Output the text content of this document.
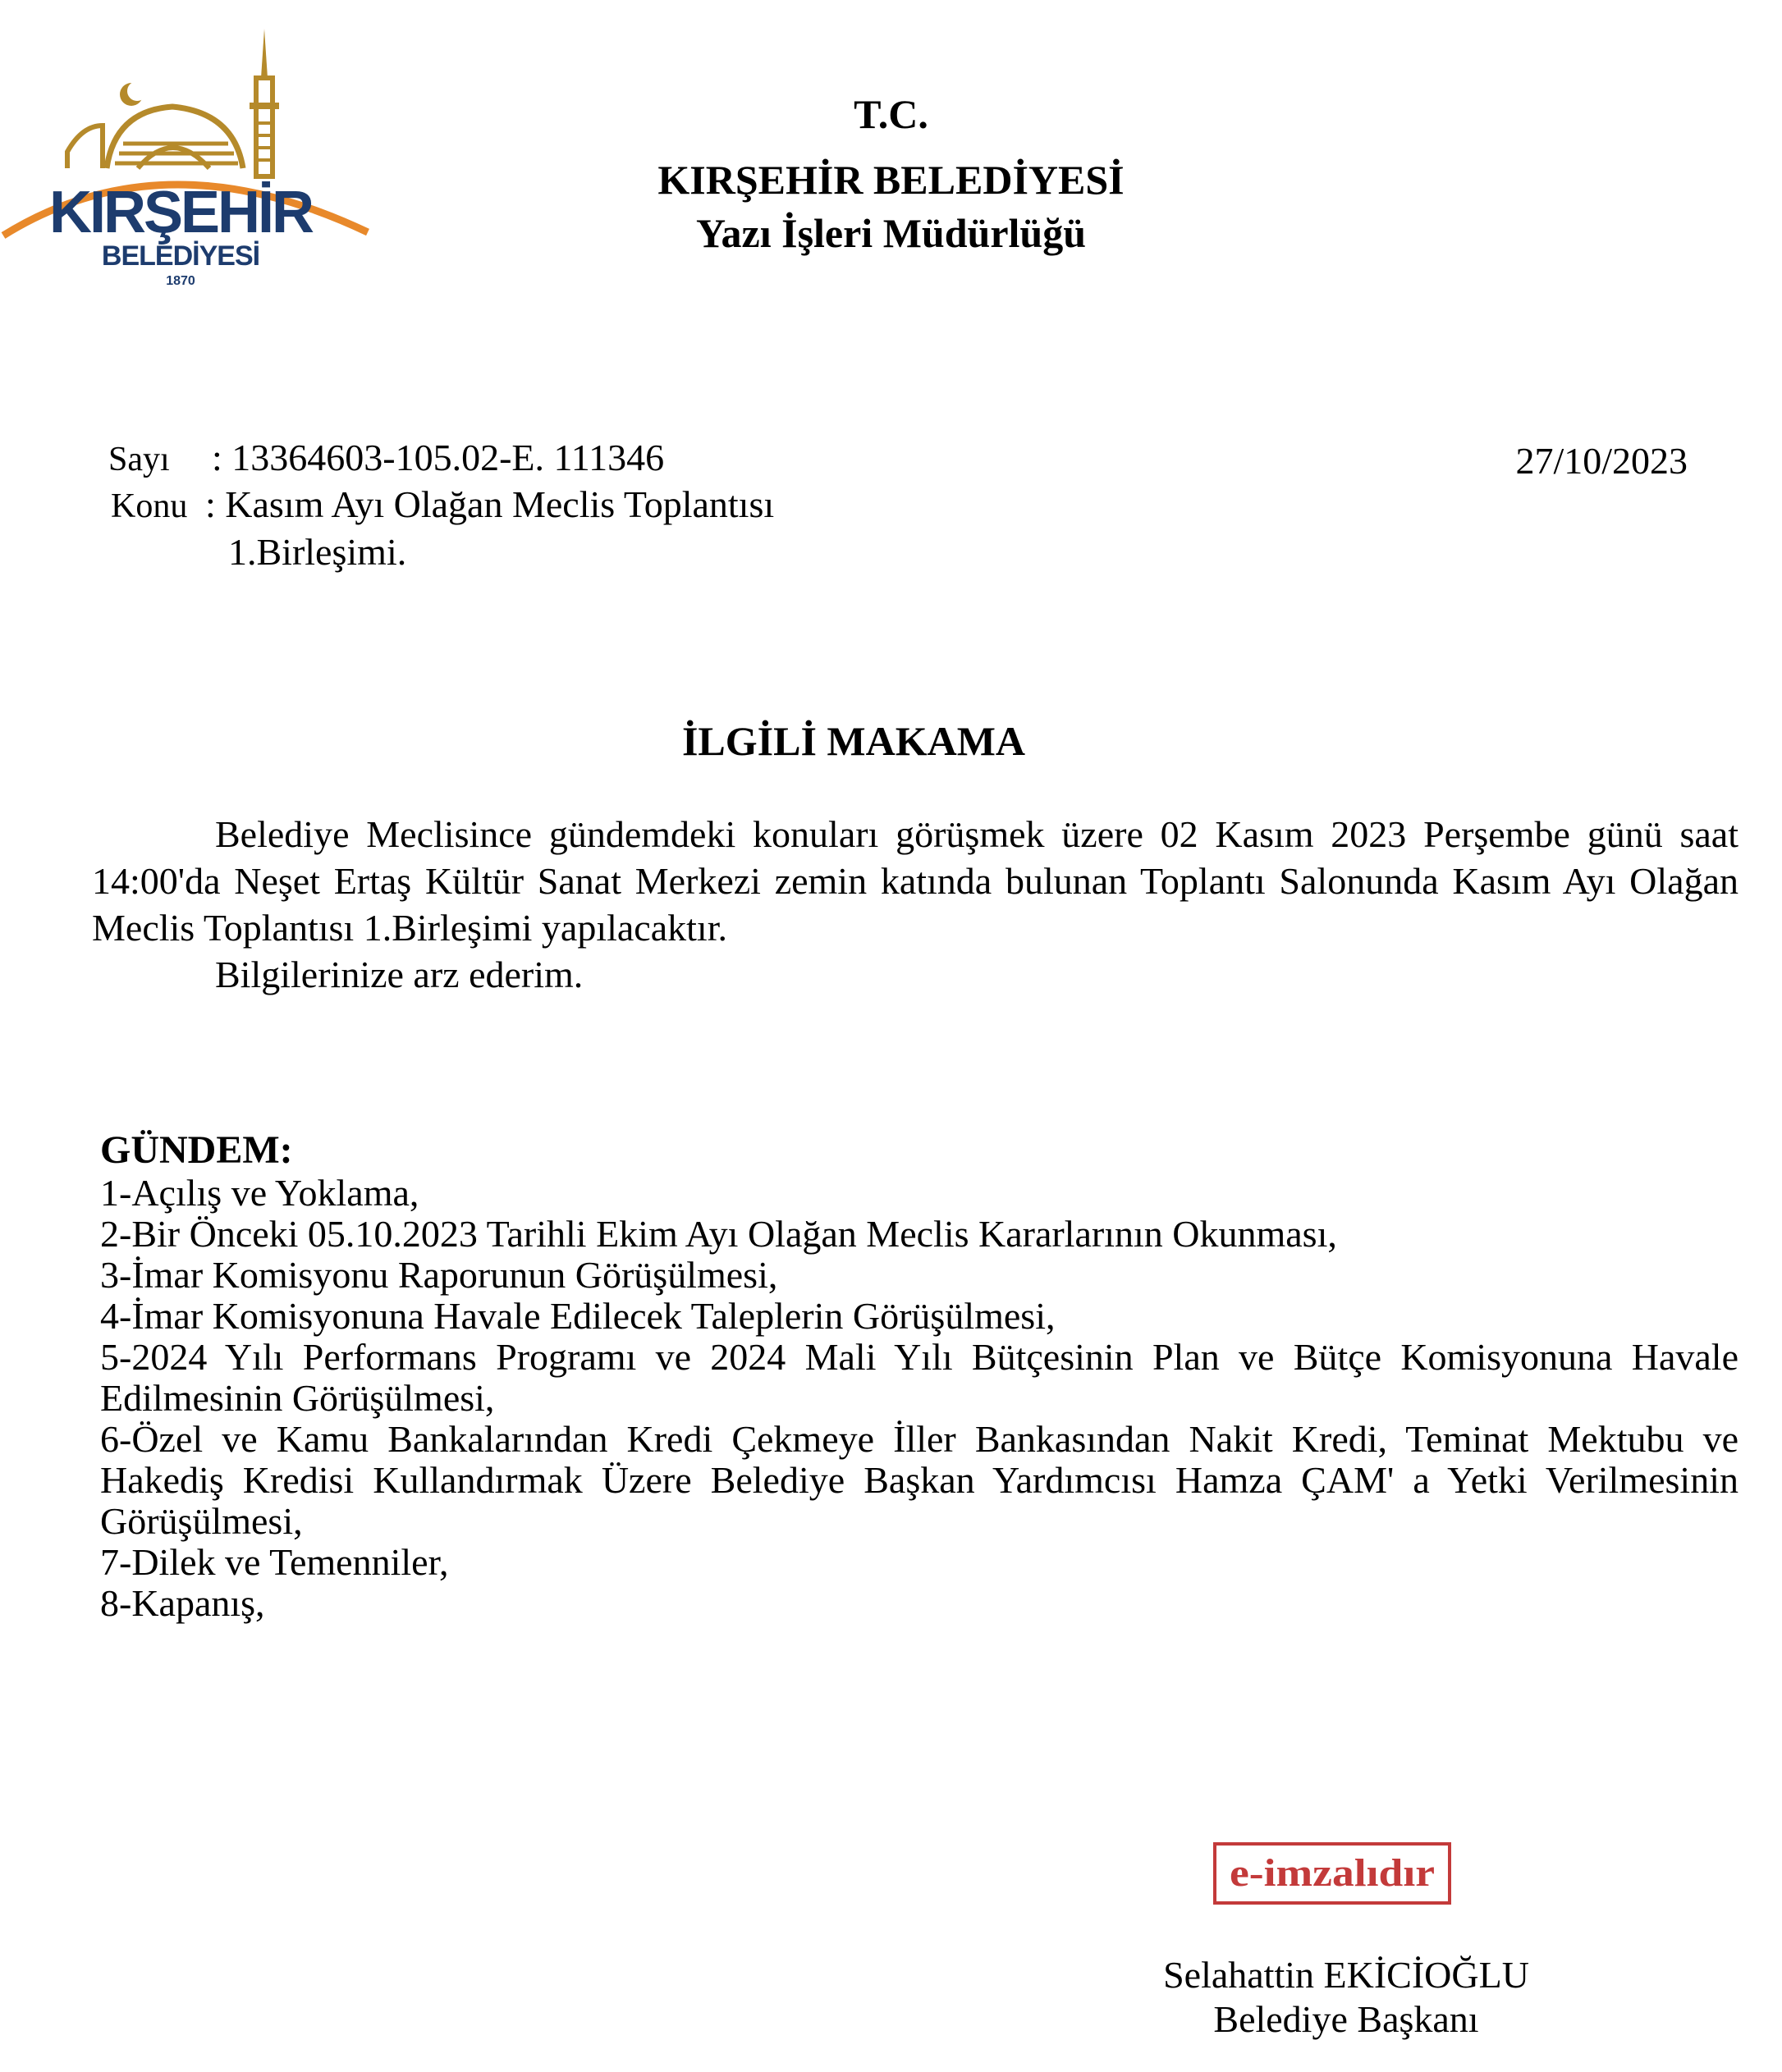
KIRŞEHİR
BELEDİYESİ
1870
T.C.
KIRŞEHİR BELEDİYESİ
Yazı İşleri Müdürlüğü
Sayı : 13364603-105.02-E. 111346
Konu : Kasım Ayı Olağan Meclis Toplantısı
1.Birleşimi.
27/10/2023
İLGİLİ MAKAMA
Belediye Meclisince gündemdeki konuları görüşmek üzere 02 Kasım 2023 Perşembe günü saat 14:00'da Neşet Ertaş Kültür Sanat Merkezi zemin katında bulunan Toplantı Salonunda Kasım Ayı Olağan Meclis Toplantısı 1.Birleşimi yapılacaktır.
Bilgilerinize arz ederim.
GÜNDEM:
1-Açılış ve Yoklama,
2-Bir Önceki 05.10.2023 Tarihli Ekim Ayı Olağan Meclis Kararlarının Okunması,
3-İmar Komisyonu Raporunun Görüşülmesi,
4-İmar Komisyonuna Havale Edilecek Taleplerin Görüşülmesi,
5-2024 Yılı Performans Programı ve 2024 Mali Yılı Bütçesinin Plan ve Bütçe Komisyonuna Havale Edilmesinin Görüşülmesi,
6-Özel ve Kamu Bankalarından Kredi Çekmeye İller Bankasından Nakit Kredi, Teminat Mektubu ve Hakediş Kredisi Kullandırmak Üzere Belediye Başkan Yardımcısı Hamza ÇAM' a Yetki Verilmesinin Görüşülmesi,
7-Dilek ve Temenniler,
8-Kapanış,
e-imzalıdır
Selahattin EKİCİOĞLU
Belediye Başkanı
